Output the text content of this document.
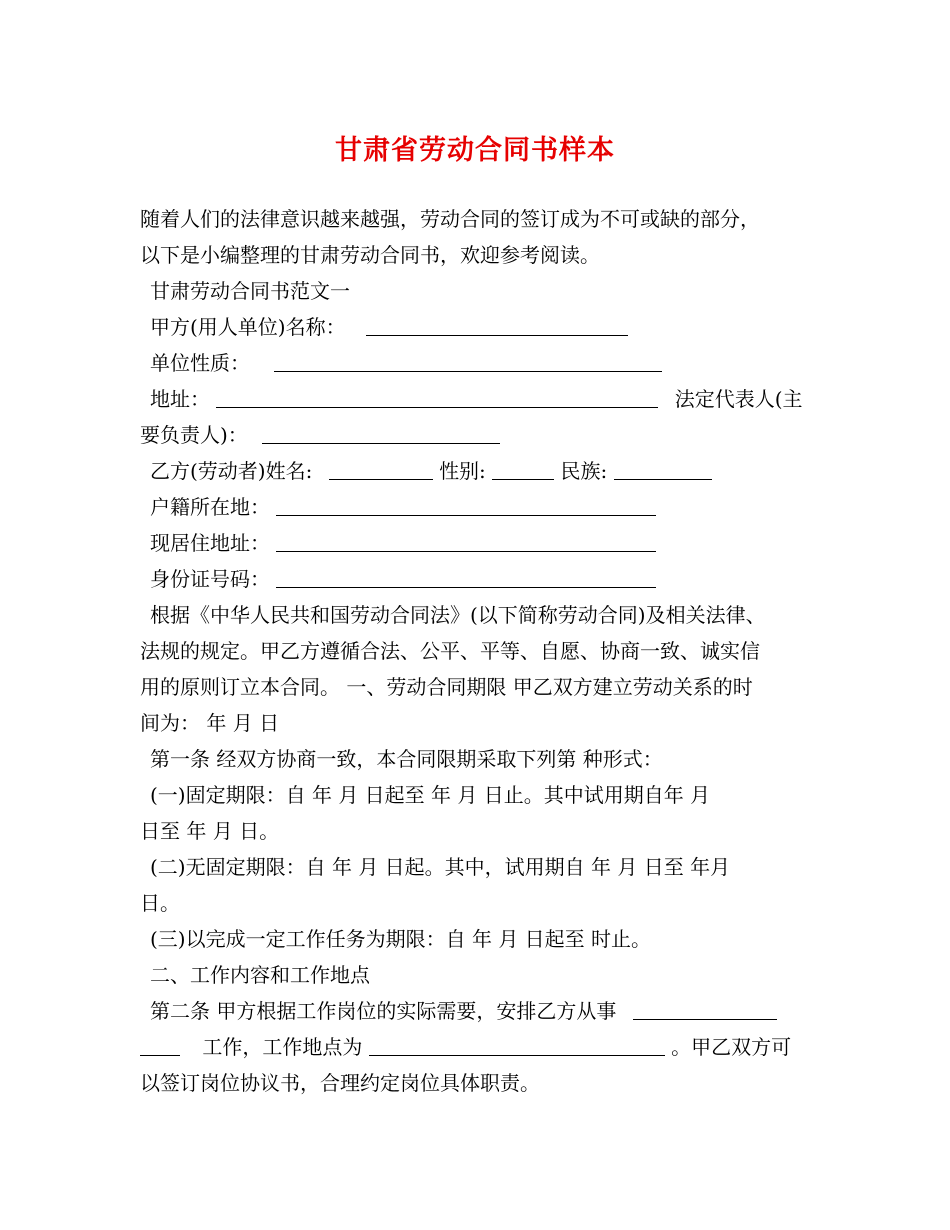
甘肃省劳动合同书样本

随着人们的法律意识越来越强，劳动合同的签订成为不可或缺的部分，

以下是小编整理的甘肃劳动合同书，欢迎参考阅读。

甘肃劳动合同书范文一

甲方(用人单位)名称：

单位性质：

地址：	法定代表人(主

要负责人)：

乙方(劳动者)姓名:	性别:	民族:

户籍所在地：

现居住地址：

身份证号码：

根据《中华人民共和国劳动合同法》(以下简称劳动合同)及相关法律、

法规的规定。甲乙方遵循合法、公平、平等、自愿、协商一致、诚实信

用的原则订立本合同。 一、劳动合同期限 甲乙双方建立劳动关系的时

间为： 年 月 日

第一条 经双方协商一致，本合同限期采取下列第 种形式：

(一)固定期限：自 年 月 日起至 年 月 日止。其中试用期自年 月

日至 年 月 日。

(二)无固定期限：自 年 月 日起。其中，试用期自 年 月 日至 年月

日。

(三)以完成一定工作任务为期限：自 年 月 日起至 时止。

二、工作内容和工作地点

第二条 甲方根据工作岗位的实际需要，安排乙方从事

工作，工作地点为	。甲乙双方可

以签订岗位协议书，合理约定岗位具体职责。
